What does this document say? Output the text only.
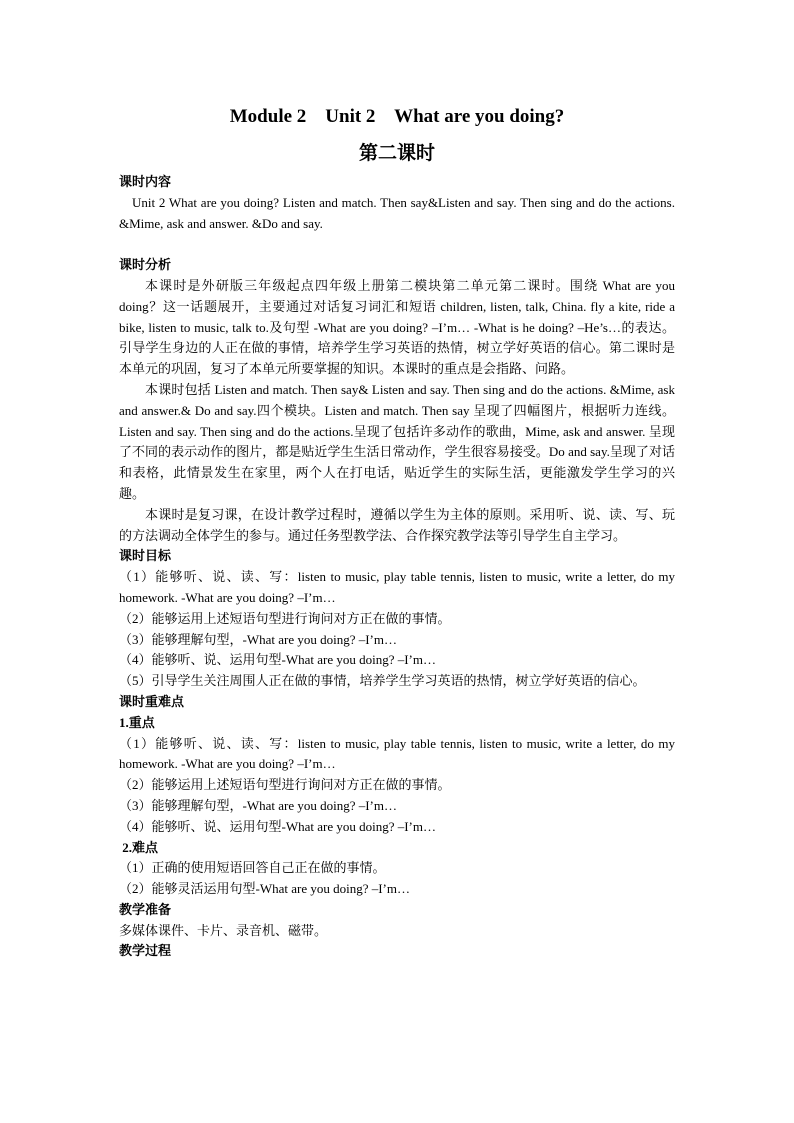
Module 2    Unit 2    What are you doing?

第二课时

课时内容

Unit 2 What are you doing? Listen and match. Then say&Listen and say. Then sing and do the actions. &Mime, ask and answer. &Do and say.

课时分析

本课时是外研版三年级起点四年级上册第二模块第二单元第二课时。围绕 What are you doing？这一话题展开，主要通过对话复习词汇和短语 children, listen, talk, China. fly a kite, ride a bike, listen to music, talk to.及句型 -What are you doing? –I’m… -What is he doing? –He’s…的表达。引导学生身边的人正在做的事情，培养学生学习英语的热情，树立学好英语的信心。第二课时是本单元的巩固，复习了本单元所要掌握的知识。本课时的重点是会指路、问路。

本课时包括 Listen and match. Then say& Listen and say. Then sing and do the actions. &Mime, ask and answer.& Do and say.四个模块。Listen and match. Then say 呈现了四幅图片，根据听力连线。Listen and say. Then sing and do the actions.呈现了包括许多动作的歌曲，Mime, ask and answer. 呈现了不同的表示动作的图片，都是贴近学生生活日常动作，学生很容易接受。Do and say.呈现了对话和表格，此情景发生在家里，两个人在打电话，贴近学生的实际生活，更能激发学生学习的兴趣。

本课时是复习课，在设计教学过程时，遵循以学生为主体的原则。采用听、说、读、写、玩的方法调动全体学生的参与。通过任务型教学法、合作探究教学法等引导学生自主学习。

课时目标

（1）能够听、说、读、写：listen to music, play table tennis, listen to music, write a letter, do my homework. -What are you doing? –I’m…

（2）能够运用上述短语句型进行询问对方正在做的事情。

（3）能够理解句型，-What are you doing? –I’m…

（4）能够听、说、运用句型-What are you doing? –I’m…

（5）引导学生关注周围人正在做的事情，培养学生学习英语的热情，树立学好英语的信心。

课时重难点

1.重点

（1）能够听、说、读、写：listen to music, play table tennis, listen to music, write a letter, do my homework. -What are you doing? –I’m…

（2）能够运用上述短语句型进行询问对方正在做的事情。

（3）能够理解句型，-What are you doing? –I’m…

（4）能够听、说、运用句型-What are you doing? –I’m…

2.难点

（1）正确的使用短语回答自己正在做的事情。

（2）能够灵活运用句型-What are you doing? –I’m…

教学准备

多媒体课件、卡片、录音机、磁带。

教学过程
